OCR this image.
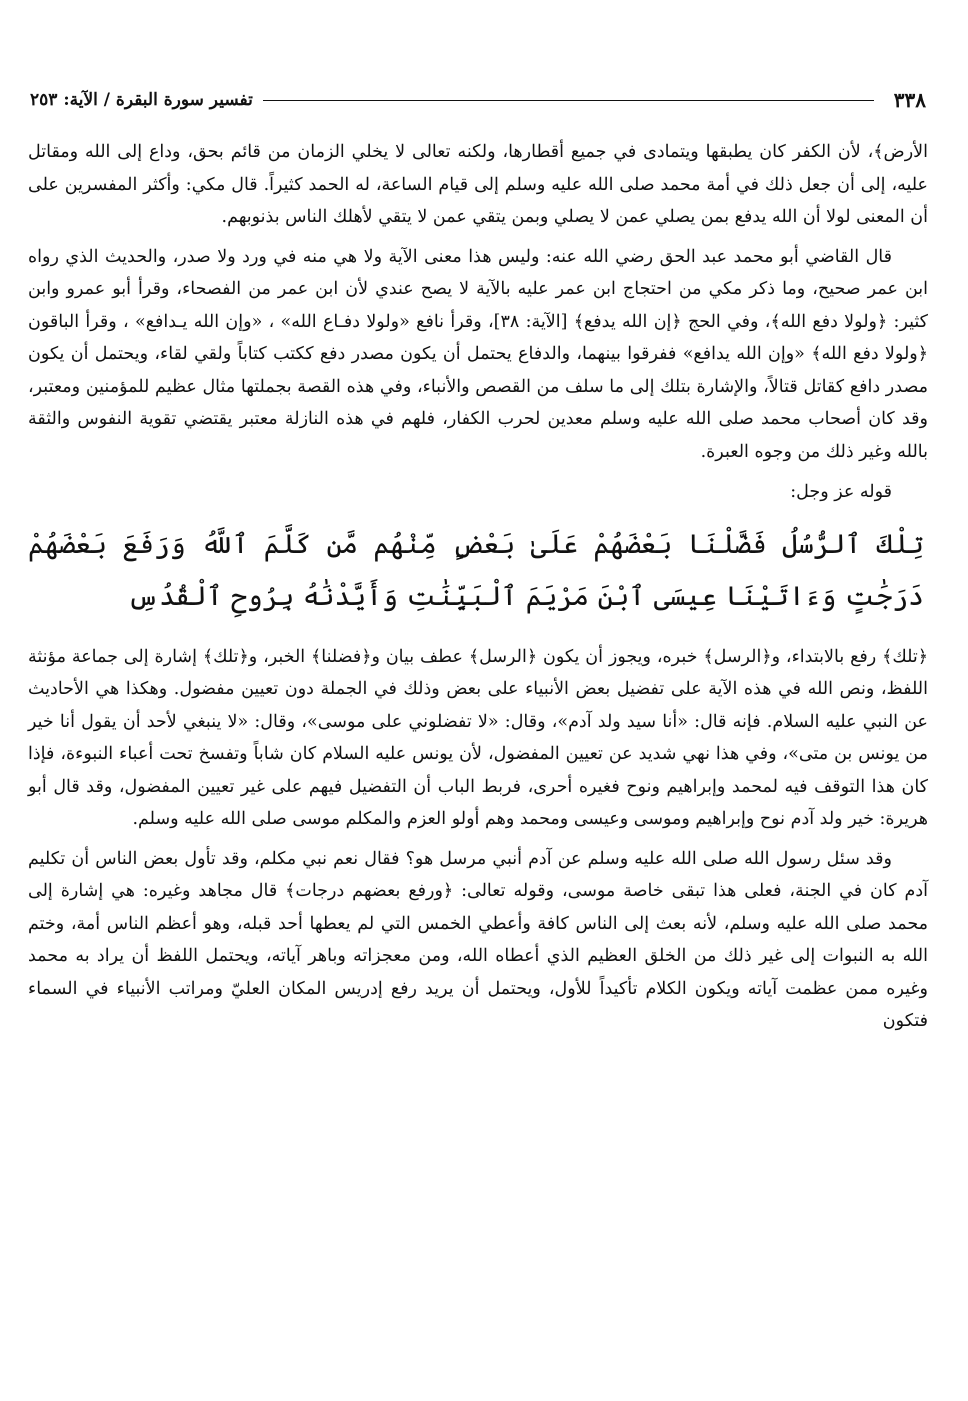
٣٣٨
تفسير سورة البقرة / الآية: ٢٥٣

الأرض﴾، لأن الكفر كان يطبقها ويتمادى في جميع أقطارها، ولكنه تعالى لا يخلي الزمان من قائم بحق، وداع إلى الله ومقاتل عليه، إلى أن جعل ذلك في أمة محمد صلى الله عليه وسلم إلى قيام الساعة، له الحمد كثيراً. قال مكي: وأكثر المفسرين على أن المعنى لولا أن الله يدفع بمن يصلي عمن لا يصلي وبمن يتقي عمن لا يتقي لأهلك الناس بذنوبهم.

قال القاضي أبو محمد عبد الحق رضي الله عنه: وليس هذا معنى الآية ولا هي منه في ورد ولا صدر، والحديث الذي رواه ابن عمر صحيح، وما ذكر مكي من احتجاج ابن عمر عليه بالآية لا يصح عندي لأن ابن عمر من الفصحاء، وقرأ أبو عمرو وابن كثير: ﴿ولولا دفع الله﴾، وفي الحج ﴿إن الله يدفع﴾ [الآية: ٣٨]، وقرأ نافع «ولولا دفـاع الله» ، «وإن الله يـدافع» ، وقرأ الباقون ﴿ولولا دفع الله﴾ «وإن الله يدافع» ففرقوا بينهما، والدفاع يحتمل أن يكون مصدر دفع ككتب كتاباً ولقي لقاء، ويحتمل أن يكون مصدر دافع كقاتل قتالاً، والإشارة بتلك إلى ما سلف من القصص والأنباء، وفي هذه القصة بجملتها مثال عظيم للمؤمنين ومعتبر، وقد كان أصحاب محمد صلى الله عليه وسلم معدين لحرب الكفار، فلهم في هذه النازلة معتبر يقتضي تقوية النفوس والثقة بالله وغير ذلك من وجوه العبرة.

قوله عز وجل:
تِلْكَ ٱلرُّسُلُ فَضَّلْنَا بَعْضَهُمْ عَلَىٰ بَعْضٍ مِّنْهُم مَّن كَلَّمَ ٱللَّهُ وَرَفَعَ بَعْضَهُمْ دَرَجَٰتٍ وَءَاتَيْنَا عِيسَى ٱبْنَ مَرْيَمَ ٱلْبَيِّنَٰتِ وَأَيَّدْنَٰهُ بِرُوحِ ٱلْقُدُسِ

﴿تلك﴾ رفع بالابتداء، و﴿الرسل﴾ خبره، ويجوز أن يكون ﴿الرسل﴾ عطف بيان و﴿فضلنا﴾ الخبر، و﴿تلك﴾ إشارة إلى جماعة مؤنثة اللفظ، ونص الله في هذه الآية على تفضيل بعض الأنبياء على بعض وذلك في الجملة دون تعيين مفضول. وهكذا هي الأحاديث عن النبي عليه السلام. فإنه قال: «أنا سيد ولد آدم»، وقال: «لا تفضلوني على موسى»، وقال: «لا ينبغي لأحد أن يقول أنا خير من يونس بن متى»، وفي هذا نهي شديد عن تعيين المفضول، لأن يونس عليه السلام كان شاباً وتفسخ تحت أعباء النبوءة، فإذا كان هذا التوقف فيه لمحمد وإبراهيم ونوح فغيره أحرى، فربط الباب أن التفضيل فيهم على غير تعيين المفضول، وقد قال أبو هريرة: خير ولد آدم نوح وإبراهيم وموسى وعيسى ومحمد وهم أولو العزم والمكلم موسى صلى الله عليه وسلم.

وقد سئل رسول الله صلى الله عليه وسلم عن آدم أنبي مرسل هو؟ فقال نعم نبي مكلم، وقد تأول بعض الناس أن تكليم آدم كان في الجنة، فعلى هذا تبقى خاصة موسى، وقوله تعالى: ﴿ورفع بعضهم درجات﴾ قال مجاهد وغيره: هي إشارة إلى محمد صلى الله عليه وسلم، لأنه بعث إلى الناس كافة وأعطي الخمس التي لم يعطها أحد قبله، وهو أعظم الناس أمة، وختم الله به النبوات إلى غير ذلك من الخلق العظيم الذي أعطاه الله، ومن معجزاته وباهر آياته، ويحتمل اللفظ أن يراد به محمد وغيره ممن عظمت آياته ويكون الكلام تأكيداً للأول، ويحتمل أن يريد رفع إدريس المكان العليّ ومراتب الأنبياء في السماء فتكون
